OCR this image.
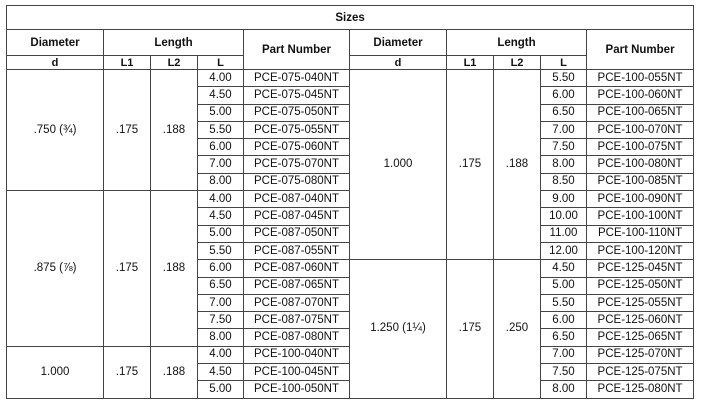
Sizes									
Diameter	Length			Part Number	Diameter	Length			Part Number
d	L1	L2	L		d	L1	L2	L	
.750 (¾)	.175	.188	4.00	PCE-075-040NT	1.000	.175	.188	5.50	PCE-100-055NT
			4.50	PCE-075-045NT				6.00	PCE-100-060NT
			5.00	PCE-075-050NT				6.50	PCE-100-065NT
			5.50	PCE-075-055NT				7.00	PCE-100-070NT
			6.00	PCE-075-060NT				7.50	PCE-100-075NT
			7.00	PCE-075-070NT				8.00	PCE-100-080NT
			8.00	PCE-075-080NT				8.50	PCE-100-085NT
.875 (⅞)	.175	.188	4.00	PCE-087-040NT				9.00	PCE-100-090NT
			4.50	PCE-087-045NT				10.00	PCE-100-100NT
			5.00	PCE-087-050NT				11.00	PCE-100-110NT
			5.50	PCE-087-055NT				12.00	PCE-100-120NT
			6.00	PCE-087-060NT	1.250 (1¼)	.175	.250	4.50	PCE-125-045NT
			6.50	PCE-087-065NT				5.00	PCE-125-050NT
			7.00	PCE-087-070NT				5.50	PCE-125-055NT
			7.50	PCE-087-075NT				6.00	PCE-125-060NT
			8.00	PCE-087-080NT				6.50	PCE-125-065NT
1.000	.175	.188	4.00	PCE-100-040NT				7.00	PCE-125-070NT
			4.50	PCE-100-045NT				7.50	PCE-125-075NT
			5.00	PCE-100-050NT				8.00	PCE-125-080NT
